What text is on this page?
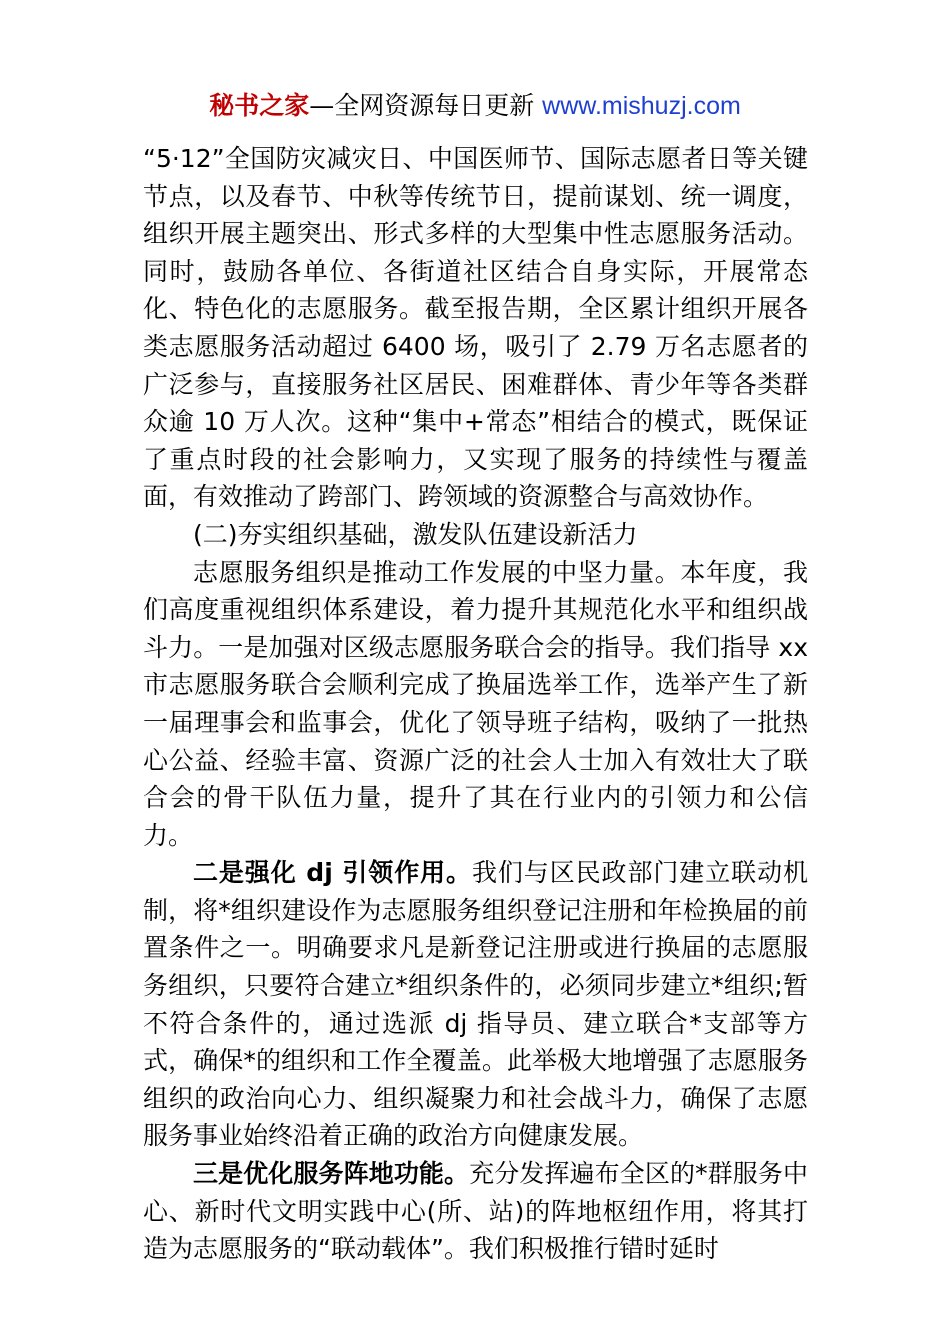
秘书之家—全网资源每日更新 www.mishuzj.com

“5·12”全国防灾减灾日、中国医师节、国际志愿者日等关键节点，以及春节、中秋等传统节日，提前谋划、统一调度，组织开展主题突出、形式多样的大型集中性志愿服务活动。同时，鼓励各单位、各街道社区结合自身实际，开展常态化、特色化的志愿服务。截至报告期，全区累计组织开展各类志愿服务活动超过 6400 场，吸引了 2.79 万名志愿者的广泛参与，直接服务社区居民、困难群体、青少年等各类群众逾 10 万人次。这种“集中+常态”相结合的模式，既保证了重点时段的社会影响力，又实现了服务的持续性与覆盖面，有效推动了跨部门、跨领域的资源整合与高效协作。

(二)夯实组织基础，激发队伍建设新活力

志愿服务组织是推动工作发展的中坚力量。本年度，我们高度重视组织体系建设，着力提升其规范化水平和组织战斗力。一是加强对区级志愿服务联合会的指导。我们指导 xx 市志愿服务联合会顺利完成了换届选举工作，选举产生了新一届理事会和监事会，优化了领导班子结构，吸纳了一批热心公益、经验丰富、资源广泛的社会人士加入有效壮大了联合会的骨干队伍力量，提升了其在行业内的引领力和公信力。

二是强化 dj 引领作用。我们与区民政部门建立联动机制，将*组织建设作为志愿服务组织登记注册和年检换届的前置条件之一。明确要求凡是新登记注册或进行换届的志愿服务组织，只要符合建立*组织条件的，必须同步建立*组织;暂不符合条件的，通过选派 dj 指导员、建立联合*支部等方式，确保*的组织和工作全覆盖。此举极大地增强了志愿服务组织的政治向心力、组织凝聚力和社会战斗力，确保了志愿服务事业始终沿着正确的政治方向健康发展。

三是优化服务阵地功能。充分发挥遍布全区的*群服务中心、新时代文明实践中心(所、站)的阵地枢纽作用，将其打造为志愿服务的“联动载体”。我们积极推行错时延时
